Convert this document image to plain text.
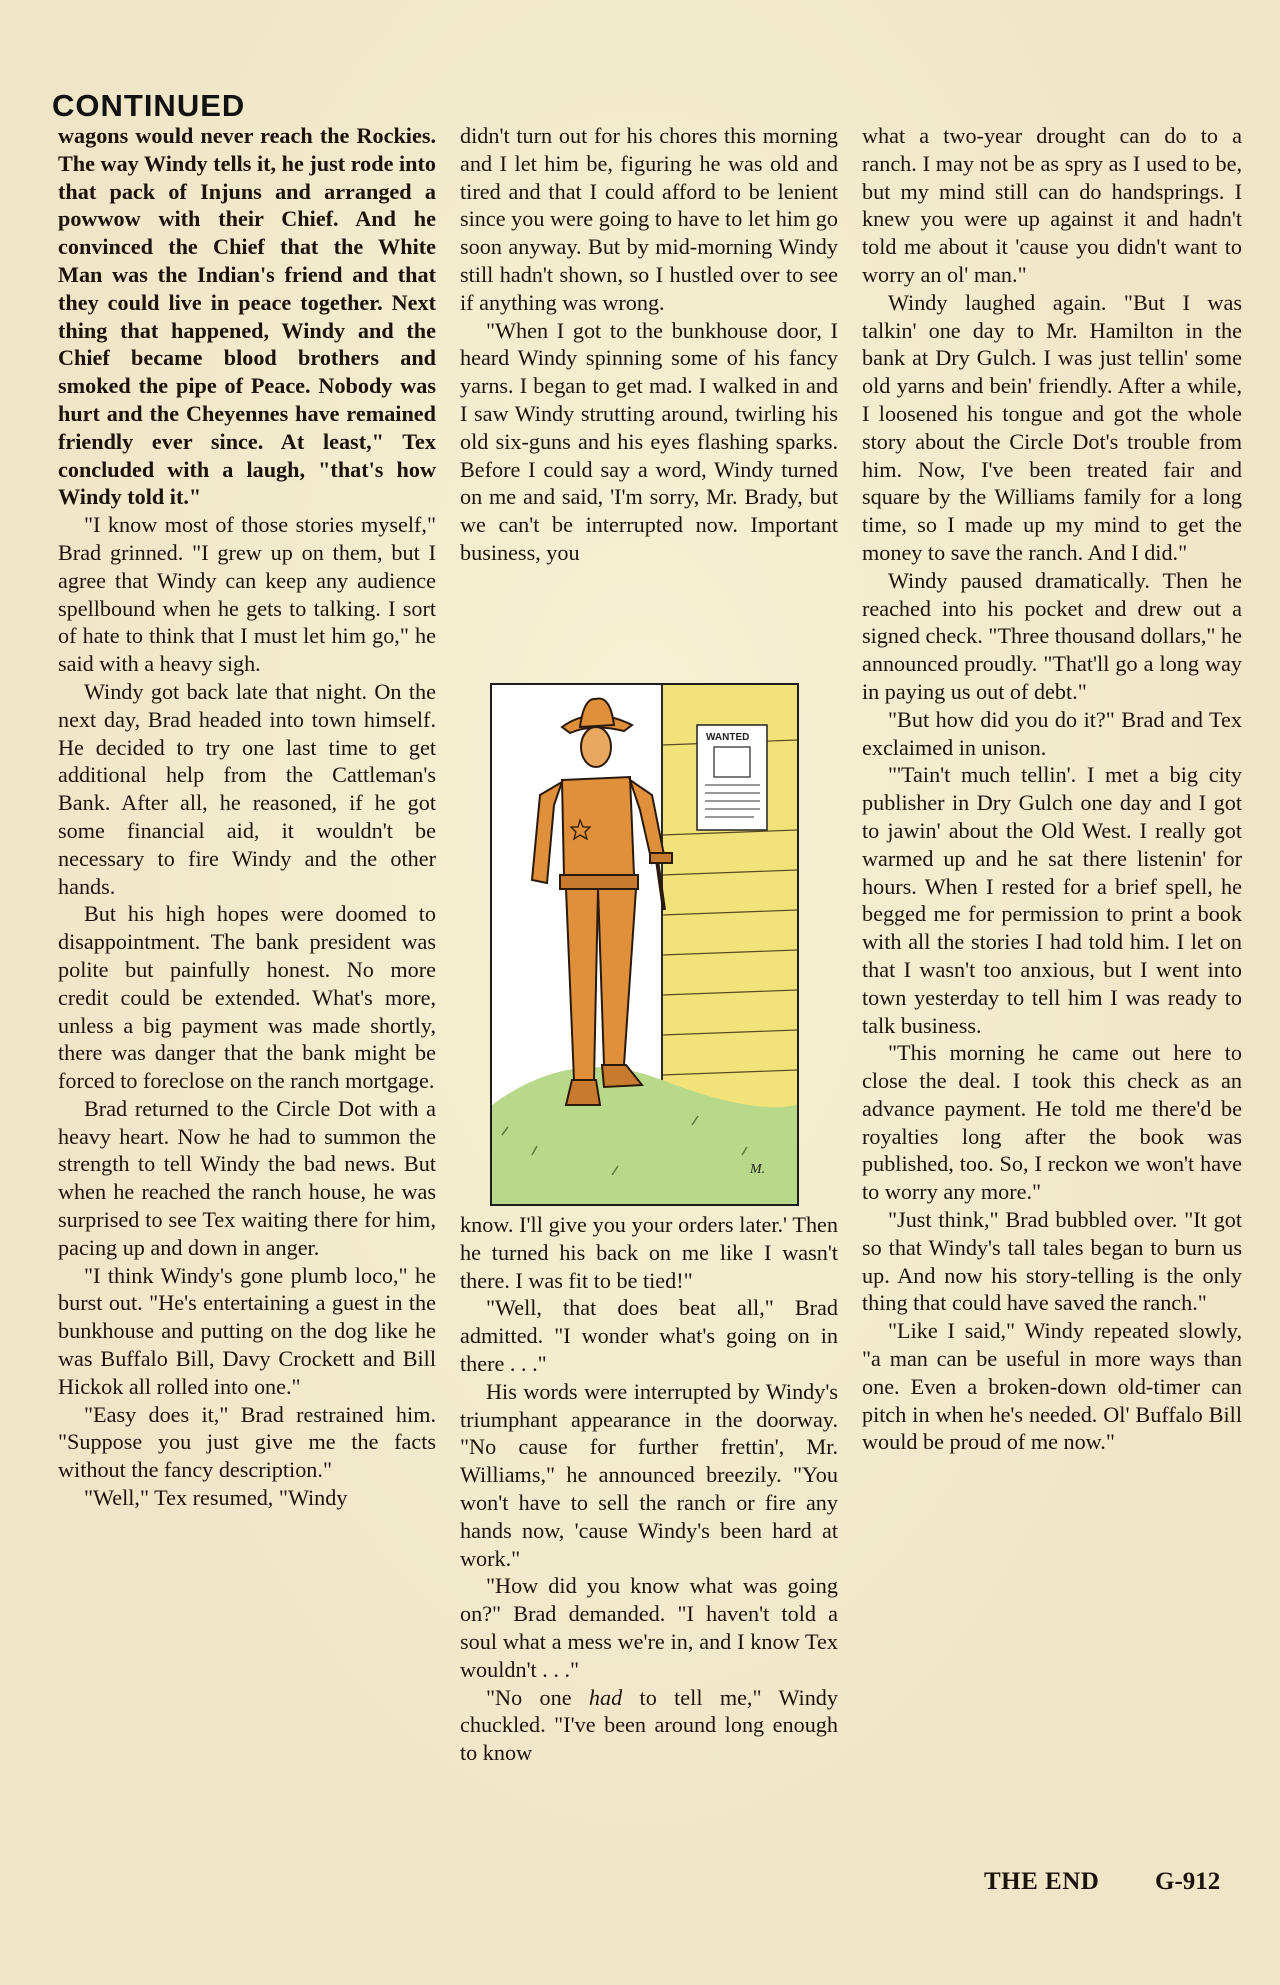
CONTINUED

wagons would never reach the Rockies. The way Windy tells it, he just rode into that pack of Injuns and arranged a powwow with their Chief. And he convinced the Chief that the White Man was the Indian's friend and that they could live in peace together. Next thing that happened, Windy and the Chief became blood brothers and smoked the pipe of Peace. Nobody was hurt and the Cheyennes have remained friendly ever since. At least," Tex concluded with a laugh, "that's how Windy told it."

"I know most of those stories myself," Brad grinned. "I grew up on them, but I agree that Windy can keep any audience spellbound when he gets to talking. I sort of hate to think that I must let him go," he said with a heavy sigh.

Windy got back late that night. On the next day, Brad headed into town himself. He decided to try one last time to get additional help from the Cattleman's Bank. After all, he reasoned, if he got some financial aid, it wouldn't be necessary to fire Windy and the other hands.

But his high hopes were doomed to disappointment. The bank president was polite but painfully honest. No more credit could be extended. What's more, unless a big payment was made shortly, there was danger that the bank might be forced to foreclose on the ranch mortgage.

Brad returned to the Circle Dot with a heavy heart. Now he had to summon the strength to tell Windy the bad news. But when he reached the ranch house, he was surprised to see Tex waiting there for him, pacing up and down in anger.

"I think Windy's gone plumb loco," he burst out. "He's entertaining a guest in the bunkhouse and putting on the dog like he was Buffalo Bill, Davy Crockett and Bill Hickok all rolled into one."

"Easy does it," Brad restrained him. "Suppose you just give me the facts without the fancy description."

"Well," Tex resumed, "Windy

didn't turn out for his chores this morning and I let him be, figuring he was old and tired and that I could afford to be lenient since you were going to have to let him go soon anyway. But by mid-morning Windy still hadn't shown, so I hustled over to see if anything was wrong.

"When I got to the bunkhouse door, I heard Windy spinning some of his fancy yarns. I began to get mad. I walked in and I saw Windy strutting around, twirling his old six-guns and his eyes flashing sparks. Before I could say a word, Windy turned on me and said, 'I'm sorry, Mr. Brady, but we can't be interrupted now. Important business, you

WANTED
M.

know. I'll give you your orders later.' Then he turned his back on me like I wasn't there. I was fit to be tied!"

"Well, that does beat all," Brad admitted. "I wonder what's going on in there . . ."

His words were interrupted by Windy's triumphant appearance in the doorway. "No cause for further frettin', Mr. Williams," he announced breezily. "You won't have to sell the ranch or fire any hands now, 'cause Windy's been hard at work."

"How did you know what was going on?" Brad demanded. "I haven't told a soul what a mess we're in, and I know Tex wouldn't . . ."

"No one had to tell me," Windy chuckled. "I've been around long enough to know

what a two-year drought can do to a ranch. I may not be as spry as I used to be, but my mind still can do handsprings. I knew you were up against it and hadn't told me about it 'cause you didn't want to worry an ol' man."

Windy laughed again. "But I was talkin' one day to Mr. Hamilton in the bank at Dry Gulch. I was just tellin' some old yarns and bein' friendly. After a while, I loosened his tongue and got the whole story about the Circle Dot's trouble from him. Now, I've been treated fair and square by the Williams family for a long time, so I made up my mind to get the money to save the ranch. And I did."

Windy paused dramatically. Then he reached into his pocket and drew out a signed check. "Three thousand dollars," he announced proudly. "That'll go a long way in paying us out of debt."

"But how did you do it?" Brad and Tex exclaimed in unison.

"'Tain't much tellin'. I met a big city publisher in Dry Gulch one day and I got to jawin' about the Old West. I really got warmed up and he sat there listenin' for hours. When I rested for a brief spell, he begged me for permission to print a book with all the stories I had told him. I let on that I wasn't too anxious, but I went into town yesterday to tell him I was ready to talk business.

"This morning he came out here to close the deal. I took this check as an advance payment. He told me there'd be royalties long after the book was published, too. So, I reckon we won't have to worry any more."

"Just think," Brad bubbled over. "It got so that Windy's tall tales began to burn us up. And now his story-telling is the only thing that could have saved the ranch."

"Like I said," Windy repeated slowly, "a man can be useful in more ways than one. Even a broken-down old-timer can pitch in when he's needed. Ol' Buffalo Bill would be proud of me now."

THE END G-912
